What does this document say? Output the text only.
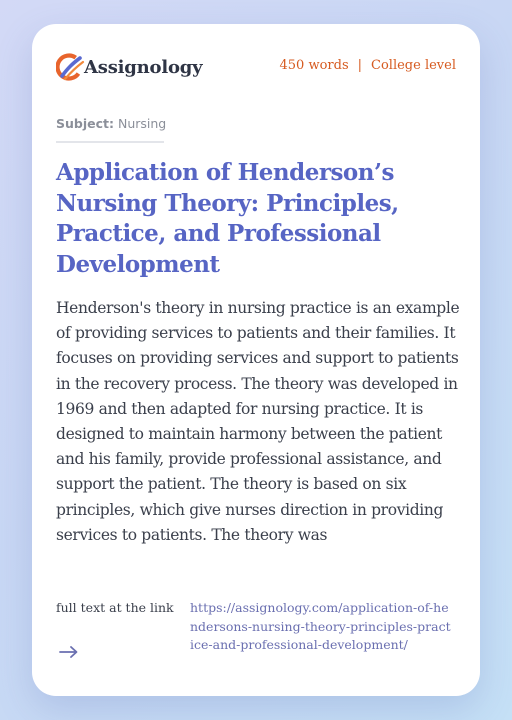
Assignology	450 words | College level
Subject: Nursing
Application of Henderson’s Nursing Theory: Principles, Practice, and Professional Development

Henderson's theory in nursing practice is an example of providing services to patients and their families. It focuses on providing services and support to patients in the recovery process. The theory was developed in 1969 and then adapted for nursing practice. It is designed to maintain harmony between the patient and his family, provide professional assistance, and support the patient. The theory is based on six principles, which give nurses direction in providing services to patients. The theory was

full text at the link https://assignology.com/application-of-hendersons-nursing-theory-principles-practice-and-professional-development/
